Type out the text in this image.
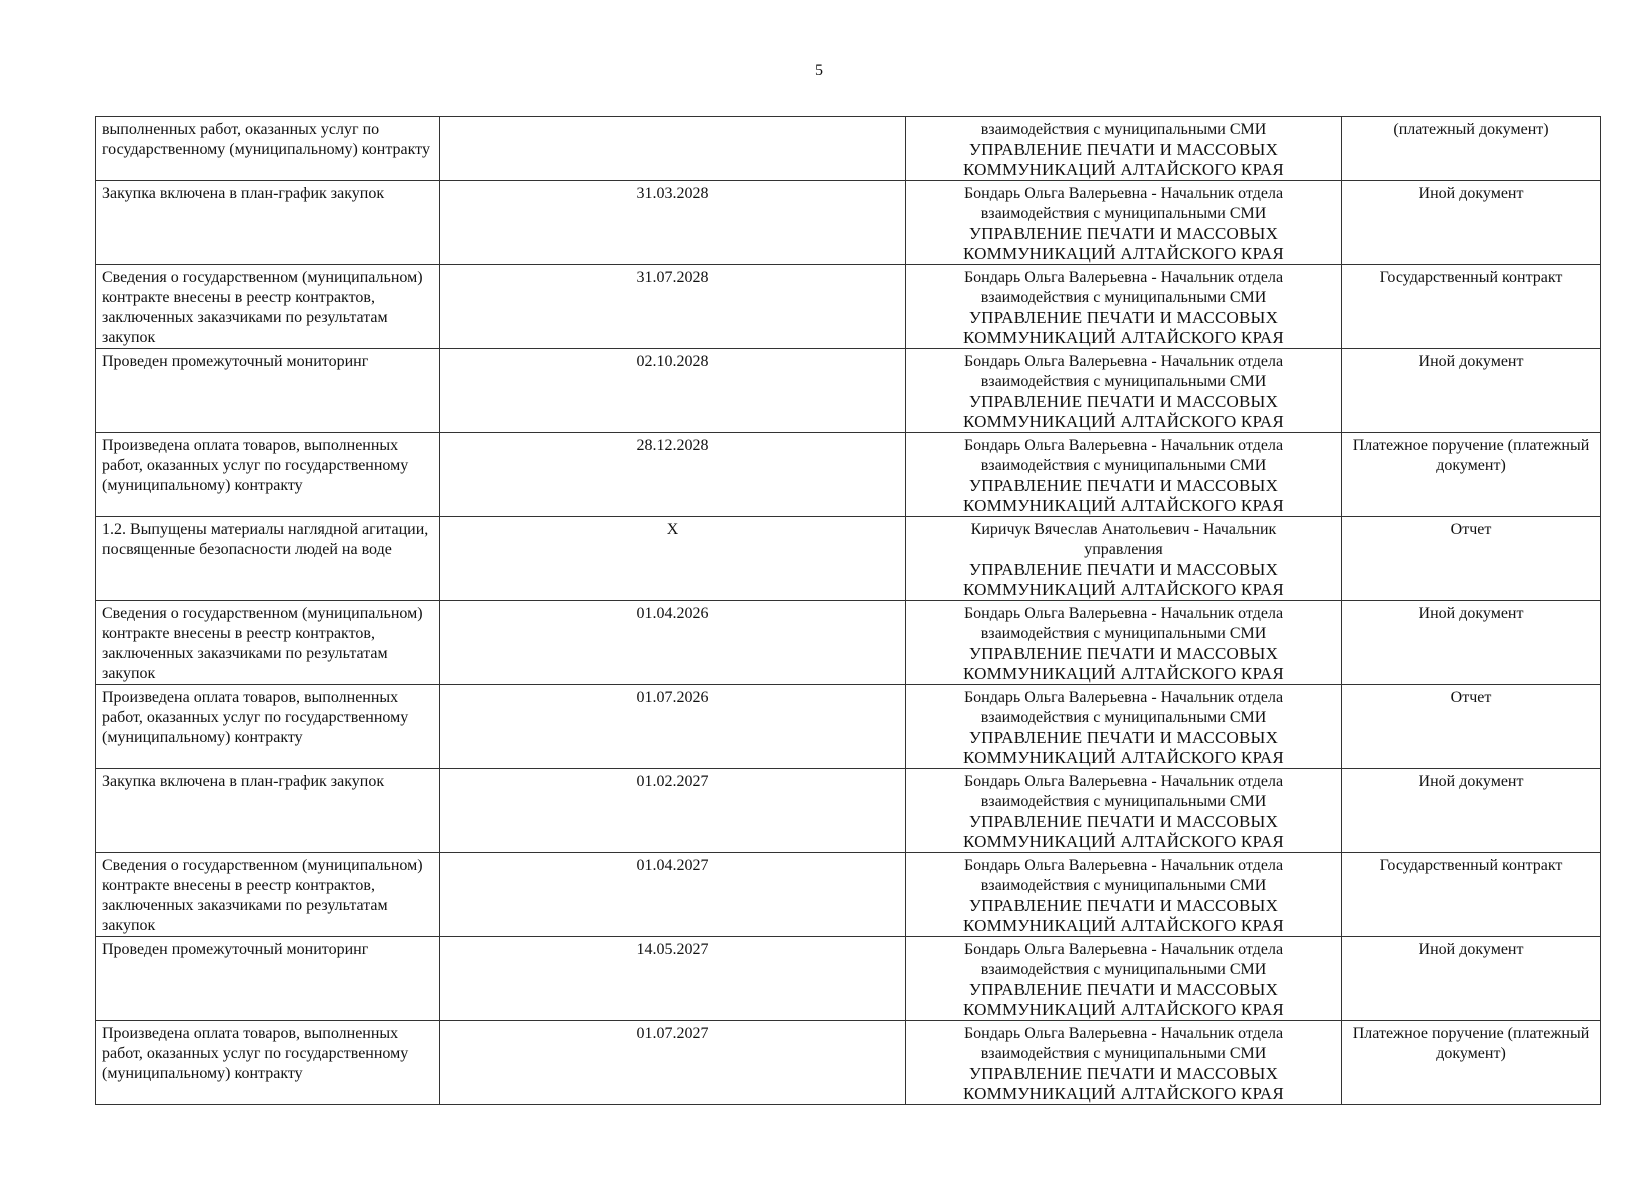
5
выполненных работ, оказанных услуг по государственному (муниципальному) контракту		взаимодействия с муниципальными СМИ
УПРАВЛЕНИЕ ПЕЧАТИ И МАССОВЫХ КОММУНИКАЦИЙ АЛТАЙСКОГО КРАЯ	(платежный документ)
Закупка включена в план-график закупок	31.03.2028	Бондарь Ольга Валерьевна - Начальник отдела
взаимодействия с муниципальными СМИ
УПРАВЛЕНИЕ ПЕЧАТИ И МАССОВЫХ КОММУНИКАЦИЙ АЛТАЙСКОГО КРАЯ	Иной документ
Сведения о государственном (муниципальном) контракте внесены в реестр контрактов, заключенных заказчиками по результатам закупок	31.07.2028	Бондарь Ольга Валерьевна - Начальник отдела
взаимодействия с муниципальными СМИ
УПРАВЛЕНИЕ ПЕЧАТИ И МАССОВЫХ КОММУНИКАЦИЙ АЛТАЙСКОГО КРАЯ	Государственный контракт
Проведен промежуточный мониторинг	02.10.2028	Бондарь Ольга Валерьевна - Начальник отдела
взаимодействия с муниципальными СМИ
УПРАВЛЕНИЕ ПЕЧАТИ И МАССОВЫХ КОММУНИКАЦИЙ АЛТАЙСКОГО КРАЯ	Иной документ
Произведена оплата товаров, выполненных работ, оказанных услуг по государственному (муниципальному) контракту	28.12.2028	Бондарь Ольга Валерьевна - Начальник отдела
взаимодействия с муниципальными СМИ
УПРАВЛЕНИЕ ПЕЧАТИ И МАССОВЫХ КОММУНИКАЦИЙ АЛТАЙСКОГО КРАЯ	Платежное поручение (платежный документ)
1.2. Выпущены материалы наглядной агитации, посвященные безопасности людей на воде	X	Киричук Вячеслав Анатольевич - Начальник
управления
УПРАВЛЕНИЕ ПЕЧАТИ И МАССОВЫХ КОММУНИКАЦИЙ АЛТАЙСКОГО КРАЯ	Отчет
Сведения о государственном (муниципальном) контракте внесены в реестр контрактов, заключенных заказчиками по результатам закупок	01.04.2026	Бондарь Ольга Валерьевна - Начальник отдела
взаимодействия с муниципальными СМИ
УПРАВЛЕНИЕ ПЕЧАТИ И МАССОВЫХ КОММУНИКАЦИЙ АЛТАЙСКОГО КРАЯ	Иной документ
Произведена оплата товаров, выполненных работ, оказанных услуг по государственному (муниципальному) контракту	01.07.2026	Бондарь Ольга Валерьевна - Начальник отдела
взаимодействия с муниципальными СМИ
УПРАВЛЕНИЕ ПЕЧАТИ И МАССОВЫХ КОММУНИКАЦИЙ АЛТАЙСКОГО КРАЯ	Отчет
Закупка включена в план-график закупок	01.02.2027	Бондарь Ольга Валерьевна - Начальник отдела
взаимодействия с муниципальными СМИ
УПРАВЛЕНИЕ ПЕЧАТИ И МАССОВЫХ КОММУНИКАЦИЙ АЛТАЙСКОГО КРАЯ	Иной документ
Сведения о государственном (муниципальном) контракте внесены в реестр контрактов, заключенных заказчиками по результатам закупок	01.04.2027	Бондарь Ольга Валерьевна - Начальник отдела
взаимодействия с муниципальными СМИ
УПРАВЛЕНИЕ ПЕЧАТИ И МАССОВЫХ КОММУНИКАЦИЙ АЛТАЙСКОГО КРАЯ	Государственный контракт
Проведен промежуточный мониторинг	14.05.2027	Бондарь Ольга Валерьевна - Начальник отдела
взаимодействия с муниципальными СМИ
УПРАВЛЕНИЕ ПЕЧАТИ И МАССОВЫХ КОММУНИКАЦИЙ АЛТАЙСКОГО КРАЯ	Иной документ
Произведена оплата товаров, выполненных работ, оказанных услуг по государственному (муниципальному) контракту	01.07.2027	Бондарь Ольга Валерьевна - Начальник отдела
взаимодействия с муниципальными СМИ
УПРАВЛЕНИЕ ПЕЧАТИ И МАССОВЫХ КОММУНИКАЦИЙ АЛТАЙСКОГО КРАЯ	Платежное поручение (платежный документ)
